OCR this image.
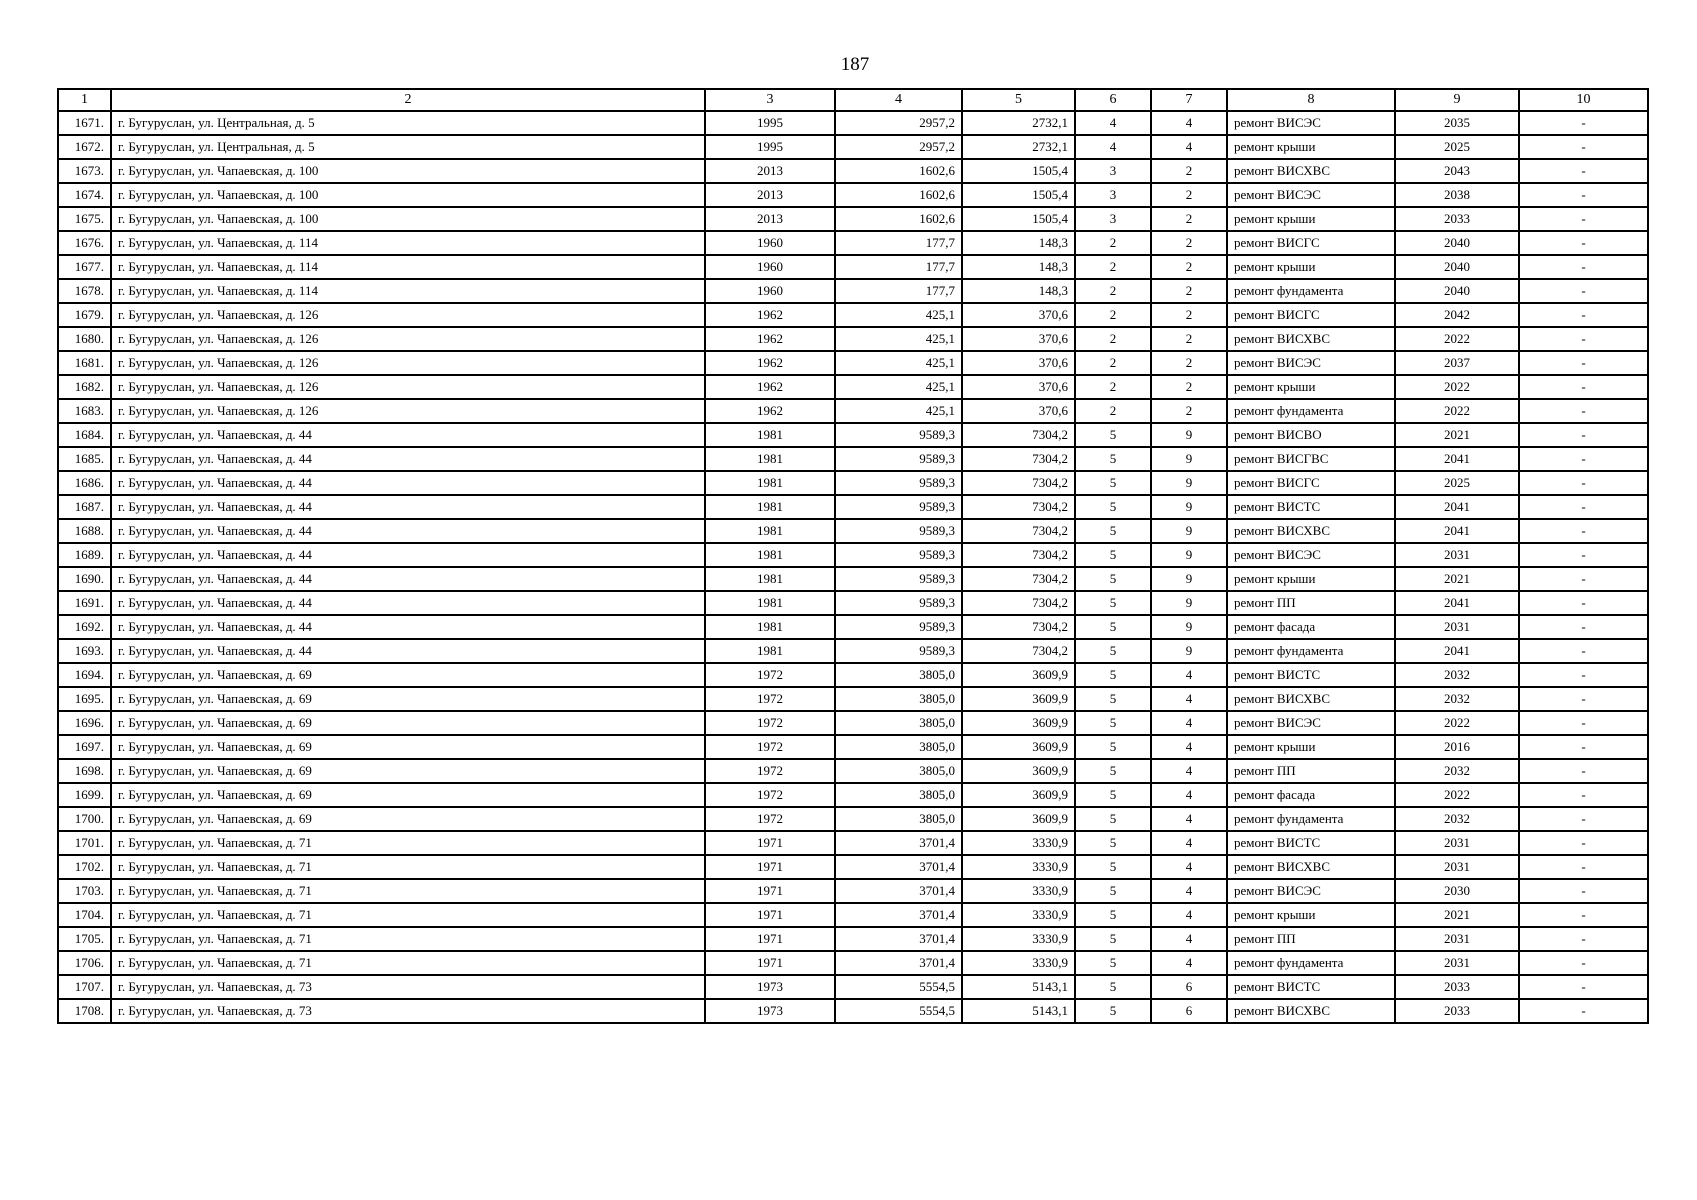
187
1	2	3	4	5	6	7	8	9	10
1671.	г. Бугуруслан, ул. Центральная, д. 5	1995	2957,2	2732,1	4	4	ремонт ВИСЭС	2035	-
1672.	г. Бугуруслан, ул. Центральная, д. 5	1995	2957,2	2732,1	4	4	ремонт крыши	2025	-
1673.	г. Бугуруслан, ул. Чапаевская, д. 100	2013	1602,6	1505,4	3	2	ремонт ВИСХВС	2043	-
1674.	г. Бугуруслан, ул. Чапаевская, д. 100	2013	1602,6	1505,4	3	2	ремонт ВИСЭС	2038	-
1675.	г. Бугуруслан, ул. Чапаевская, д. 100	2013	1602,6	1505,4	3	2	ремонт крыши	2033	-
1676.	г. Бугуруслан, ул. Чапаевская, д. 114	1960	177,7	148,3	2	2	ремонт ВИСГС	2040	-
1677.	г. Бугуруслан, ул. Чапаевская, д. 114	1960	177,7	148,3	2	2	ремонт крыши	2040	-
1678.	г. Бугуруслан, ул. Чапаевская, д. 114	1960	177,7	148,3	2	2	ремонт фундамента	2040	-
1679.	г. Бугуруслан, ул. Чапаевская, д. 126	1962	425,1	370,6	2	2	ремонт ВИСГС	2042	-
1680.	г. Бугуруслан, ул. Чапаевская, д. 126	1962	425,1	370,6	2	2	ремонт ВИСХВС	2022	-
1681.	г. Бугуруслан, ул. Чапаевская, д. 126	1962	425,1	370,6	2	2	ремонт ВИСЭС	2037	-
1682.	г. Бугуруслан, ул. Чапаевская, д. 126	1962	425,1	370,6	2	2	ремонт крыши	2022	-
1683.	г. Бугуруслан, ул. Чапаевская, д. 126	1962	425,1	370,6	2	2	ремонт фундамента	2022	-
1684.	г. Бугуруслан, ул. Чапаевская, д. 44	1981	9589,3	7304,2	5	9	ремонт ВИСВО	2021	-
1685.	г. Бугуруслан, ул. Чапаевская, д. 44	1981	9589,3	7304,2	5	9	ремонт ВИСГВС	2041	-
1686.	г. Бугуруслан, ул. Чапаевская, д. 44	1981	9589,3	7304,2	5	9	ремонт ВИСГС	2025	-
1687.	г. Бугуруслан, ул. Чапаевская, д. 44	1981	9589,3	7304,2	5	9	ремонт ВИСТС	2041	-
1688.	г. Бугуруслан, ул. Чапаевская, д. 44	1981	9589,3	7304,2	5	9	ремонт ВИСХВС	2041	-
1689.	г. Бугуруслан, ул. Чапаевская, д. 44	1981	9589,3	7304,2	5	9	ремонт ВИСЭС	2031	-
1690.	г. Бугуруслан, ул. Чапаевская, д. 44	1981	9589,3	7304,2	5	9	ремонт крыши	2021	-
1691.	г. Бугуруслан, ул. Чапаевская, д. 44	1981	9589,3	7304,2	5	9	ремонт ПП	2041	-
1692.	г. Бугуруслан, ул. Чапаевская, д. 44	1981	9589,3	7304,2	5	9	ремонт фасада	2031	-
1693.	г. Бугуруслан, ул. Чапаевская, д. 44	1981	9589,3	7304,2	5	9	ремонт фундамента	2041	-
1694.	г. Бугуруслан, ул. Чапаевская, д. 69	1972	3805,0	3609,9	5	4	ремонт ВИСТС	2032	-
1695.	г. Бугуруслан, ул. Чапаевская, д. 69	1972	3805,0	3609,9	5	4	ремонт ВИСХВС	2032	-
1696.	г. Бугуруслан, ул. Чапаевская, д. 69	1972	3805,0	3609,9	5	4	ремонт ВИСЭС	2022	-
1697.	г. Бугуруслан, ул. Чапаевская, д. 69	1972	3805,0	3609,9	5	4	ремонт крыши	2016	-
1698.	г. Бугуруслан, ул. Чапаевская, д. 69	1972	3805,0	3609,9	5	4	ремонт ПП	2032	-
1699.	г. Бугуруслан, ул. Чапаевская, д. 69	1972	3805,0	3609,9	5	4	ремонт фасада	2022	-
1700.	г. Бугуруслан, ул. Чапаевская, д. 69	1972	3805,0	3609,9	5	4	ремонт фундамента	2032	-
1701.	г. Бугуруслан, ул. Чапаевская, д. 71	1971	3701,4	3330,9	5	4	ремонт ВИСТС	2031	-
1702.	г. Бугуруслан, ул. Чапаевская, д. 71	1971	3701,4	3330,9	5	4	ремонт ВИСХВС	2031	-
1703.	г. Бугуруслан, ул. Чапаевская, д. 71	1971	3701,4	3330,9	5	4	ремонт ВИСЭС	2030	-
1704.	г. Бугуруслан, ул. Чапаевская, д. 71	1971	3701,4	3330,9	5	4	ремонт крыши	2021	-
1705.	г. Бугуруслан, ул. Чапаевская, д. 71	1971	3701,4	3330,9	5	4	ремонт ПП	2031	-
1706.	г. Бугуруслан, ул. Чапаевская, д. 71	1971	3701,4	3330,9	5	4	ремонт фундамента	2031	-
1707.	г. Бугуруслан, ул. Чапаевская, д. 73	1973	5554,5	5143,1	5	6	ремонт ВИСТС	2033	-
1708.	г. Бугуруслан, ул. Чапаевская, д. 73	1973	5554,5	5143,1	5	6	ремонт ВИСХВС	2033	-
